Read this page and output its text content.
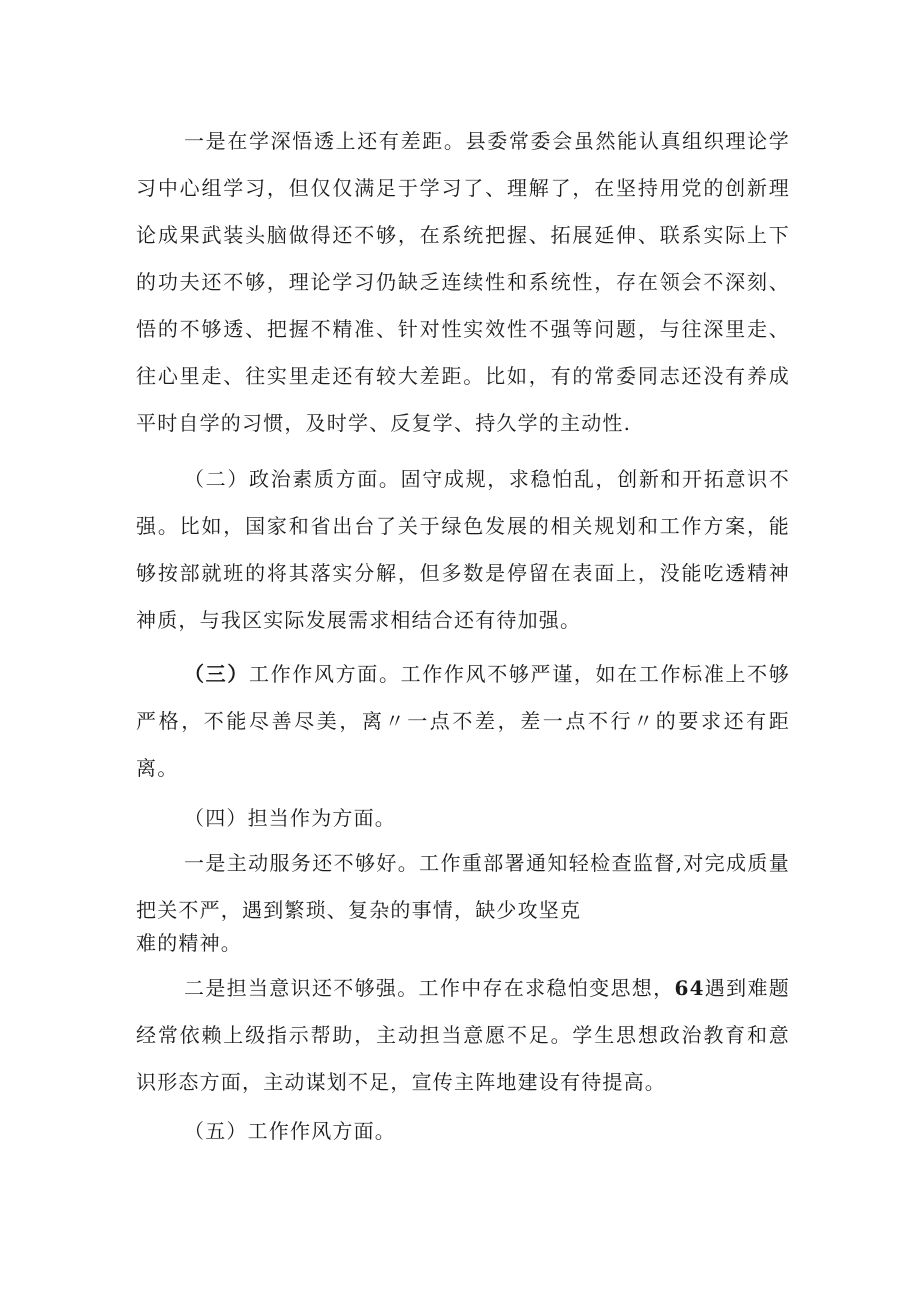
一是在学深悟透上还有差距。县委常委会虽然能认真组织理论学习中心组学习，但仅仅满足于学习了、理解了，在坚持用党的创新理论成果武装头脑做得还不够，在系统把握、拓展延伸、联系实际上下的功夫还不够，理论学习仍缺乏连续性和系统性，存在领会不深刻、悟的不够透、把握不精准、针对性实效性不强等问题，与往深里走、往心里走、往实里走还有较大差距。比如，有的常委同志还没有养成平时自学的习惯，及时学、反复学、持久学的主动性.

（二）政治素质方面。固守成规，求稳怕乱，创新和开拓意识不强。比如，国家和省出台了关于绿色发展的相关规划和工作方案，能够按部就班的将其落实分解，但多数是停留在表面上，没能吃透精神神质，与我区实际发展需求相结合还有待加强。

（三）工作作风方面。工作作风不够严谨，如在工作标准上不够严格，不能尽善尽美，离〃一点不差，差一点不行〃的要求还有距离。

（四）担当作为方面。

一是主动服务还不够好。工作重部署通知轻检查监督,对完成质量把关不严，遇到繁琐、复杂的事情，缺少攻坚克
难的精神。

二是担当意识还不够强。工作中存在求稳怕变思想，64遇到难题经常依赖上级指示帮助，主动担当意愿不足。学生思想政治教育和意识形态方面，主动谋划不足，宣传主阵地建设有待提高。

（五）工作作风方面。
